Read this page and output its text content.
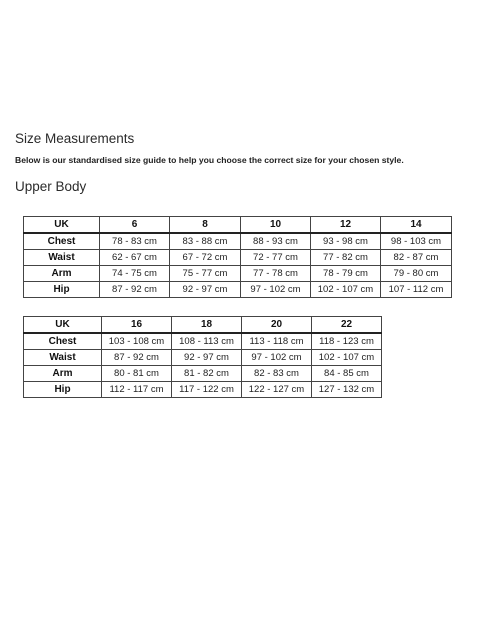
Size Measurements

Below is our standardised size guide to help you choose the correct size for your chosen style.

Upper Body
UK	6	8	10	12	14
Chest	78 - 83 cm	83 - 88 cm	88 - 93 cm	93 - 98 cm	98 - 103 cm
Waist	62 - 67 cm	67 - 72 cm	72 - 77 cm	77 - 82 cm	82 - 87 cm
Arm	74 - 75 cm	75 - 77 cm	77 - 78 cm	78 - 79 cm	79 - 80 cm
Hip	87 - 92 cm	92 - 97 cm	97 - 102 cm	102 - 107 cm	107 - 112 cm
UK	16	18	20	22
Chest	103 - 108 cm	108 - 113 cm	113 - 118 cm	118 - 123 cm
Waist	87 - 92 cm	92 - 97 cm	97 - 102 cm	102 - 107 cm
Arm	80 - 81 cm	81 - 82 cm	82 - 83 cm	84 - 85 cm
Hip	112 - 117 cm	117 - 122 cm	122 - 127 cm	127 - 132 cm
